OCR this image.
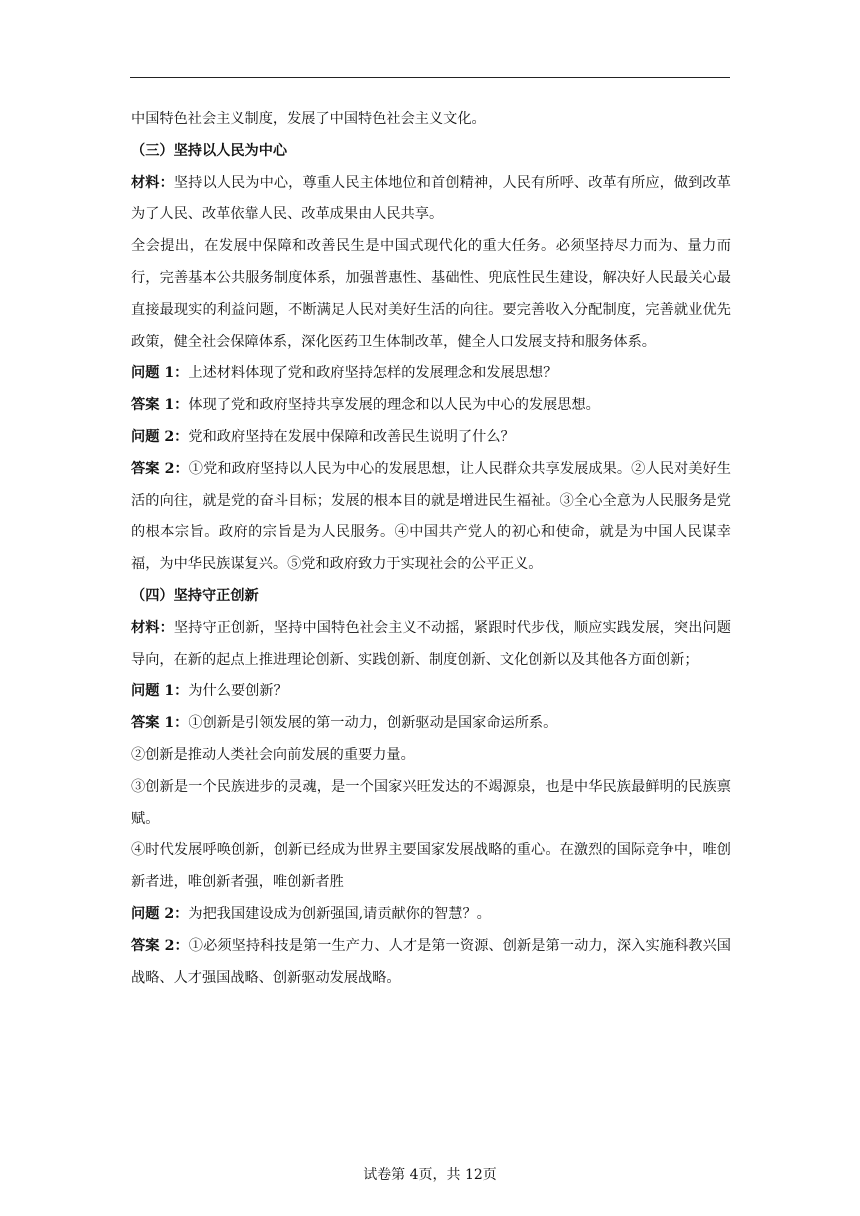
中国特色社会主义制度，发展了中国特色社会主义文化。

（三）坚持以人民为中心

材料：坚持以人民为中心，尊重人民主体地位和首创精神，人民有所呼、改革有所应，做到改革为了人民、改革依靠人民、改革成果由人民共享。

全会提出，在发展中保障和改善民生是中国式现代化的重大任务。必须坚持尽力而为、量力而行，完善基本公共服务制度体系，加强普惠性、基础性、兜底性民生建设，解决好人民最关心最直接最现实的利益问题，不断满足人民对美好生活的向往。要完善收入分配制度，完善就业优先政策，健全社会保障体系，深化医药卫生体制改革，健全人口发展支持和服务体系。

问题 1：上述材料体现了党和政府坚持怎样的发展理念和发展思想？

答案 1：体现了党和政府坚持共享发展的理念和以人民为中心的发展思想。

问题 2：党和政府坚持在发展中保障和改善民生说明了什么？

答案 2：①党和政府坚持以人民为中心的发展思想，让人民群众共享发展成果。②人民对美好生活的向往，就是党的奋斗目标；发展的根本目的就是增进民生福祉。③全心全意为人民服务是党的根本宗旨。政府的宗旨是为人民服务。④中国共产党人的初心和使命，就是为中国人民谋幸福，为中华民族谋复兴。⑤党和政府致力于实现社会的公平正义。

（四）坚持守正创新

材料：坚持守正创新，坚持中国特色社会主义不动摇，紧跟时代步伐，顺应实践发展，突出问题导向，在新的起点上推进理论创新、实践创新、制度创新、文化创新以及其他各方面创新；

问题 1：为什么要创新？

答案 1：①创新是引领发展的第一动力，创新驱动是国家命运所系。

②创新是推动人类社会向前发展的重要力量。

③创新是一个民族进步的灵魂，是一个国家兴旺发达的不竭源泉，也是中华民族最鲜明的民族禀赋。

④时代发展呼唤创新，创新已经成为世界主要国家发展战略的重心。在激烈的国际竞争中，唯创新者进，唯创新者强，唯创新者胜

问题 2：为把我国建设成为创新强国,请贡献你的智慧？。

答案 2：①必须坚持科技是第一生产力、人才是第一资源、创新是第一动力，深入实施科教兴国战略、人才强国战略、创新驱动发展战略。

试卷第 4页，共 12页
